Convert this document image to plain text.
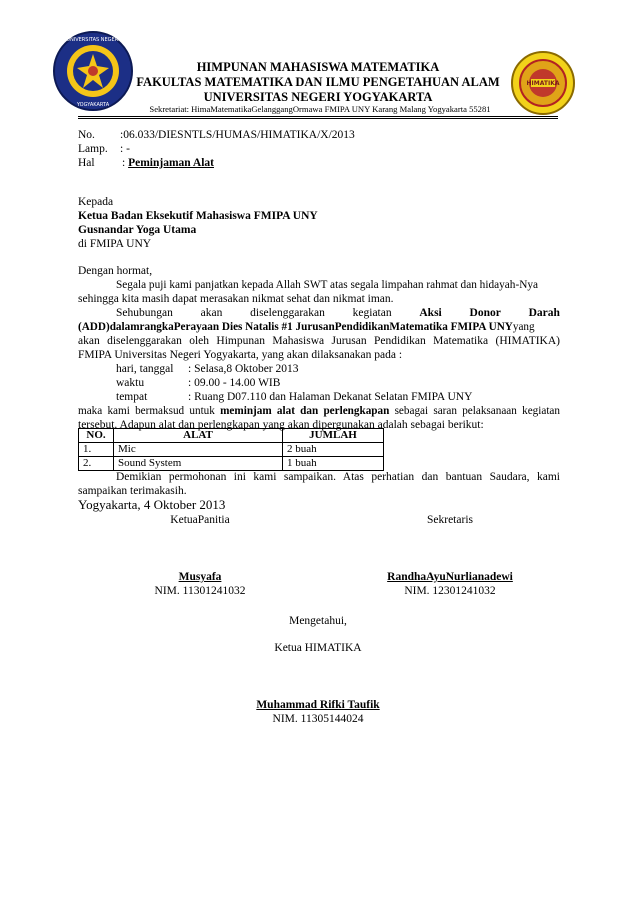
UNIVERSITAS NEGERI
YOGYAKARTA
HIMATIKA
HIMPUNAN MAHASISWA MATEMATIKA
FAKULTAS MATEMATIKA DAN ILMU PENGETAHUAN ALAM
UNIVERSITAS NEGERI YOGYAKARTA
Sekretariat: HimaMatematikaGelanggangOrmawa FMIPA UNY Karang Malang Yogyakarta 55281
No. :06.033/DIESNTLS/HUMAS/HIMATIKA/X/2013
Lamp. : -
Hal : Peminjaman Alat
Kepada
Ketua Badan Eksekutif Mahasiswa FMIPA UNY
Gusnandar Yoga Utama
di FMIPA UNY
Dengan hormat,
Segala puji kami panjatkan kepada Allah SWT atas segala limpahan rahmat dan hidayah-Nya
sehingga kita masih dapat merasakan nikmat sehat dan nikmat iman.
Sehubungan akan diselenggarakan kegiatan Aksi Donor Darah
(ADD)dalamrangkaPerayaan Dies Natalis #1 JurusanPendidikanMatematika FMIPA UNYyang
akan diselenggarakan oleh Himpunan Mahasiswa Jurusan Pendidikan Matematika (HIMATIKA)
FMIPA Universitas Negeri Yogyakarta, yang akan dilaksanakan pada :
hari, tanggal : Selasa,8 Oktober 2013
waktu	: 09.00 - 14.00 WIB
tempat	: Ruang D07.110 dan Halaman Dekanat Selatan FMIPA UNY
maka kami bermaksud untuk meminjam alat dan perlengkapan sebagai saran pelaksanaan kegiatan
tersebut. Adapun alat dan perlengkapan yang akan dipergunakan adalah sebagai berikut:
NO.	ALAT	JUMLAH
1.	Mic	2 buah
2.	Sound System	1 buah
Demikian permohonan ini kami sampaikan. Atas perhatian dan bantuan Saudara, kami
sampaikan terimakasih.
Yogyakarta, 4 Oktober 2013
KetuaPanitia	Sekretaris
Musyafa
NIM. 11301241032
RandhaAyuNurlianadewi
NIM. 12301241032
Mengetahui,
Ketua HIMATIKA
Muhammad Rifki Taufik
NIM. 11305144024
